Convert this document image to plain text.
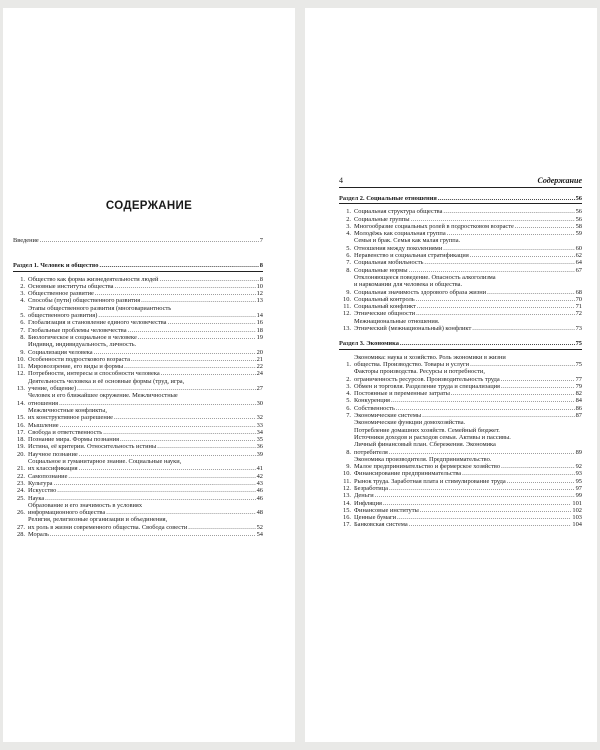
СОДЕРЖАНИЕ
Введение .....	7
Раздел 1. Человек и общество .....	8
1. Общество как форма жизнедеятельности людей .....	8
2. Основные институты общества .....	10
3. Общественное развитие .....	12
4. Способы (пути) общественного развития .....	13
5.
Этапы общественного развития (многовариантность
общественного развития) .....	14
6. Глобализация и становление единого человечества .....	16
7. Глобальные проблемы человечества .....	18
8. Биологическое и социальное в человеке .....	19
9.
Индивид, индивидуальность, личность.
Социализация человека .....	20
10. Особенности подросткового возраста .....	21
11. Мировоззрение, его виды и формы .....	22
12. Потребности, интересы и способности человека .....	24
13.
Деятельность человека и её основные формы (труд, игра,
учение, общение) .....	27
14.
Человек и его ближайшее окружение. Межличностные
отношения .....	30
15.
Межличностные конфликты,
их конструктивное разрешение .....	32
16. Мышление .....	33
17. Свобода и ответственность .....	34
18. Познание мира. Формы познания .....	35
19. Истина, её критерии. Относительность истины .....	36
20. Научное познание .....	39
21.
Социальное и гуманитарное знание. Социальные науки,
их классификация .....	41
22. Самопознание .....	42
23. Культура .....	43
24. Искусство .....	46
25. Наука .....	46
26.
Образование и его значимость в условиях
информационного общества .....	48
27.
Религия, религиозные организации и объединения,
их роль в жизни современного общества. Свобода совести .....	52
28. Мораль .....	54
4	Содержание
Раздел 2. Социальные отношения .....	56
1. Социальная структура общества .....	56
2. Социальные группы .....	56
3. Многообразие социальных ролей в подростковом возрасте .....	58
4. Молодёжь как социальная группа .....	59
5.
Семья и брак. Семья как малая группа.
Отношения между поколениями .....	60
6. Неравенство и социальная стратификация .....	62
7. Социальная мобильность .....	64
8. Социальные нормы .....	67
9.
Отклоняющееся поведение. Опасность алкоголизма
и наркомании для человека и общества.
Социальная значимость здорового образа жизни .....	68
10. Социальный контроль .....	70
11. Социальный конфликт .....	71
12. Этнические общности .....	72
13.
Межнациональные отношения.
Этнический (межнациональный) конфликт .....	73
Раздел 3. Экономика .....	75
1.
Экономика: наука и хозяйство. Роль экономики в жизни
общества. Производство. Товары и услуги .....	75
2.
Факторы производства. Ресурсы и потребности,
ограниченность ресурсов. Производительность труда .....	77
3. Обмен и торговля. Разделение труда и специализация .....	79
4. Постоянные и переменные затраты .....	82
5. Конкуренция .....	84
6. Собственность .....	86
7. Экономические системы .....	87
8.
Экономические функции домохозяйства.
Потребление домашних хозяйств. Семейный бюджет.
Источники доходов и расходов семьи. Активы и пассивы.
Личный финансовый план. Сбережения. Экономика
потребителя .....	89
9.
Экономика производителя. Предпринимательство.
Малое предпринимательство и фермерское хозяйство .....	92
10. Финансирование предпринимательства .....	93
11. Рынок труда. Заработная плата и стимулирование труда .....	95
12. Безработица .....	97
13. Деньги .....	99
14. Инфляция .....	101
15. Финансовые институты .....	102
16. Ценные бумаги .....	103
17. Банковская система .....	104
